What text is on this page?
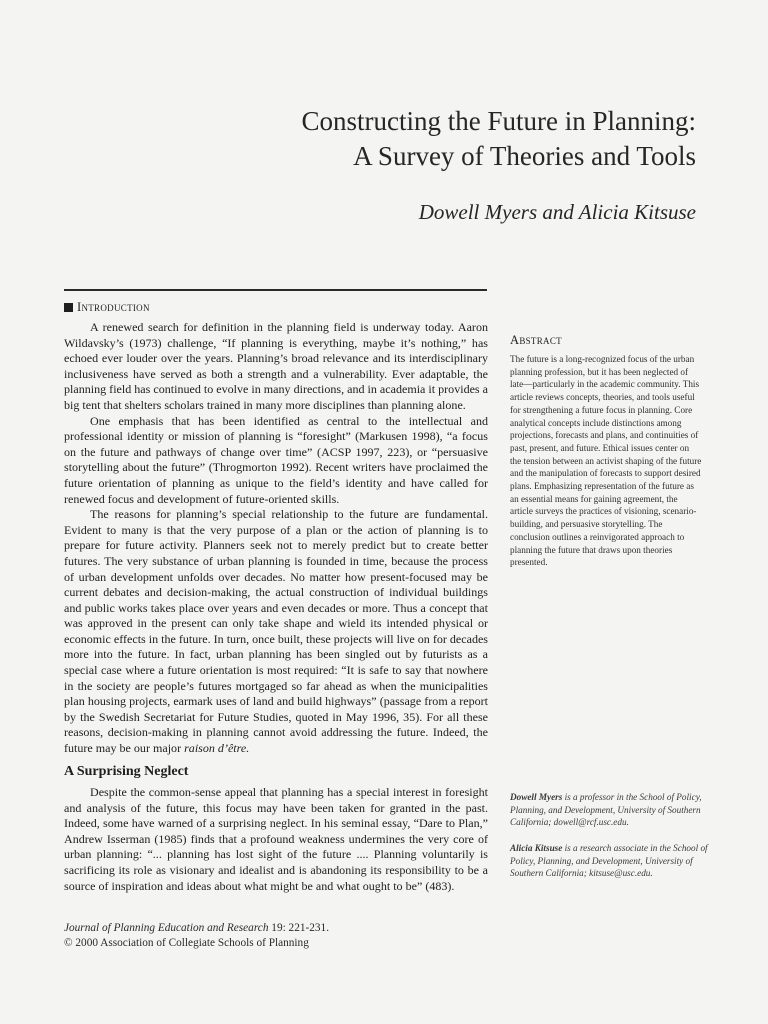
Constructing the Future in Planning:
A Survey of Theories and Tools
Dowell Myers and Alicia Kitsuse
Introduction

A renewed search for definition in the planning field is underway today. Aaron Wildavsky’s (1973) challenge, “If planning is everything, maybe it’s nothing,” has echoed ever louder over the years. Planning’s broad relevance and its interdisciplinary inclusiveness have served as both a strength and a vulnerability. Ever adaptable, the planning field has continued to evolve in many directions, and in academia it provides a big tent that shelters scholars trained in many more disciplines than planning alone.

One emphasis that has been identified as central to the intellectual and professional identity or mission of planning is “foresight” (Markusen 1998), “a focus on the future and pathways of change over time” (ACSP 1997, 223), or “persuasive storytelling about the future” (Throgmorton 1992). Recent writers have proclaimed the future orientation of planning as unique to the field’s identity and have called for renewed focus and development of future-oriented skills.

The reasons for planning’s special relationship to the future are fundamental. Evident to many is that the very purpose of a plan or the action of planning is to prepare for future activity. Planners seek not to merely predict but to create better futures. The very substance of urban planning is founded in time, because the process of urban development unfolds over decades. No matter how present-focused may be current debates and decision-making, the actual construction of individual buildings and public works takes place over years and even decades or more. Thus a concept that was approved in the present can only take shape and wield its intended physical or economic effects in the future. In turn, once built, these projects will live on for decades more into the future. In fact, urban planning has been singled out by futurists as a special case where a future orientation is most required: “It is safe to say that nowhere in the society are people’s futures mortgaged so far ahead as when the municipalities plan housing projects, earmark uses of land and build highways” (passage from a report by the Swedish Secretariat for Future Studies, quoted in May 1996, 35). For all these reasons, decision-making in planning cannot avoid addressing the future. Indeed, the future may be our major raison d’être.

A Surprising Neglect

Despite the common-sense appeal that planning has a special interest in foresight and analysis of the future, this focus may have been taken for granted in the past. Indeed, some have warned of a surprising neglect. In his seminal essay, “Dare to Plan,” Andrew Isserman (1985) finds that a profound weakness undermines the very core of urban planning: “... planning has lost sight of the future .... Planning voluntarily is sacrificing its role as visionary and idealist and is abandoning its responsibility to be a source of inspiration and ideas about what might be and what ought to be” (483).

Abstract
The future is a long-recognized focus of the urban planning profession, but it has been neglected of late—particularly in the academic community. This article reviews concepts, theories, and tools useful for strengthening a future focus in planning. Core analytical concepts include distinctions among projections, forecasts and plans, and continuities of past, present, and future. Ethical issues center on the tension between an activist shaping of the future and the manipulation of forecasts to support desired plans. Emphasizing representation of the future as an essential means for gaining agreement, the article surveys the practices of visioning, scenario-building, and persuasive storytelling. The conclusion outlines a reinvigorated approach to planning the future that draws upon theories presented.
Dowell Myers is a professor in the School of Policy, Planning, and Development, University of Southern California; dowell@rcf.usc.edu.
Alicia Kitsuse is a research associate in the School of Policy, Planning, and Development, University of Southern California; kitsuse@usc.edu.
Journal of Planning Education and Research 19: 221-231.
© 2000 Association of Collegiate Schools of Planning
